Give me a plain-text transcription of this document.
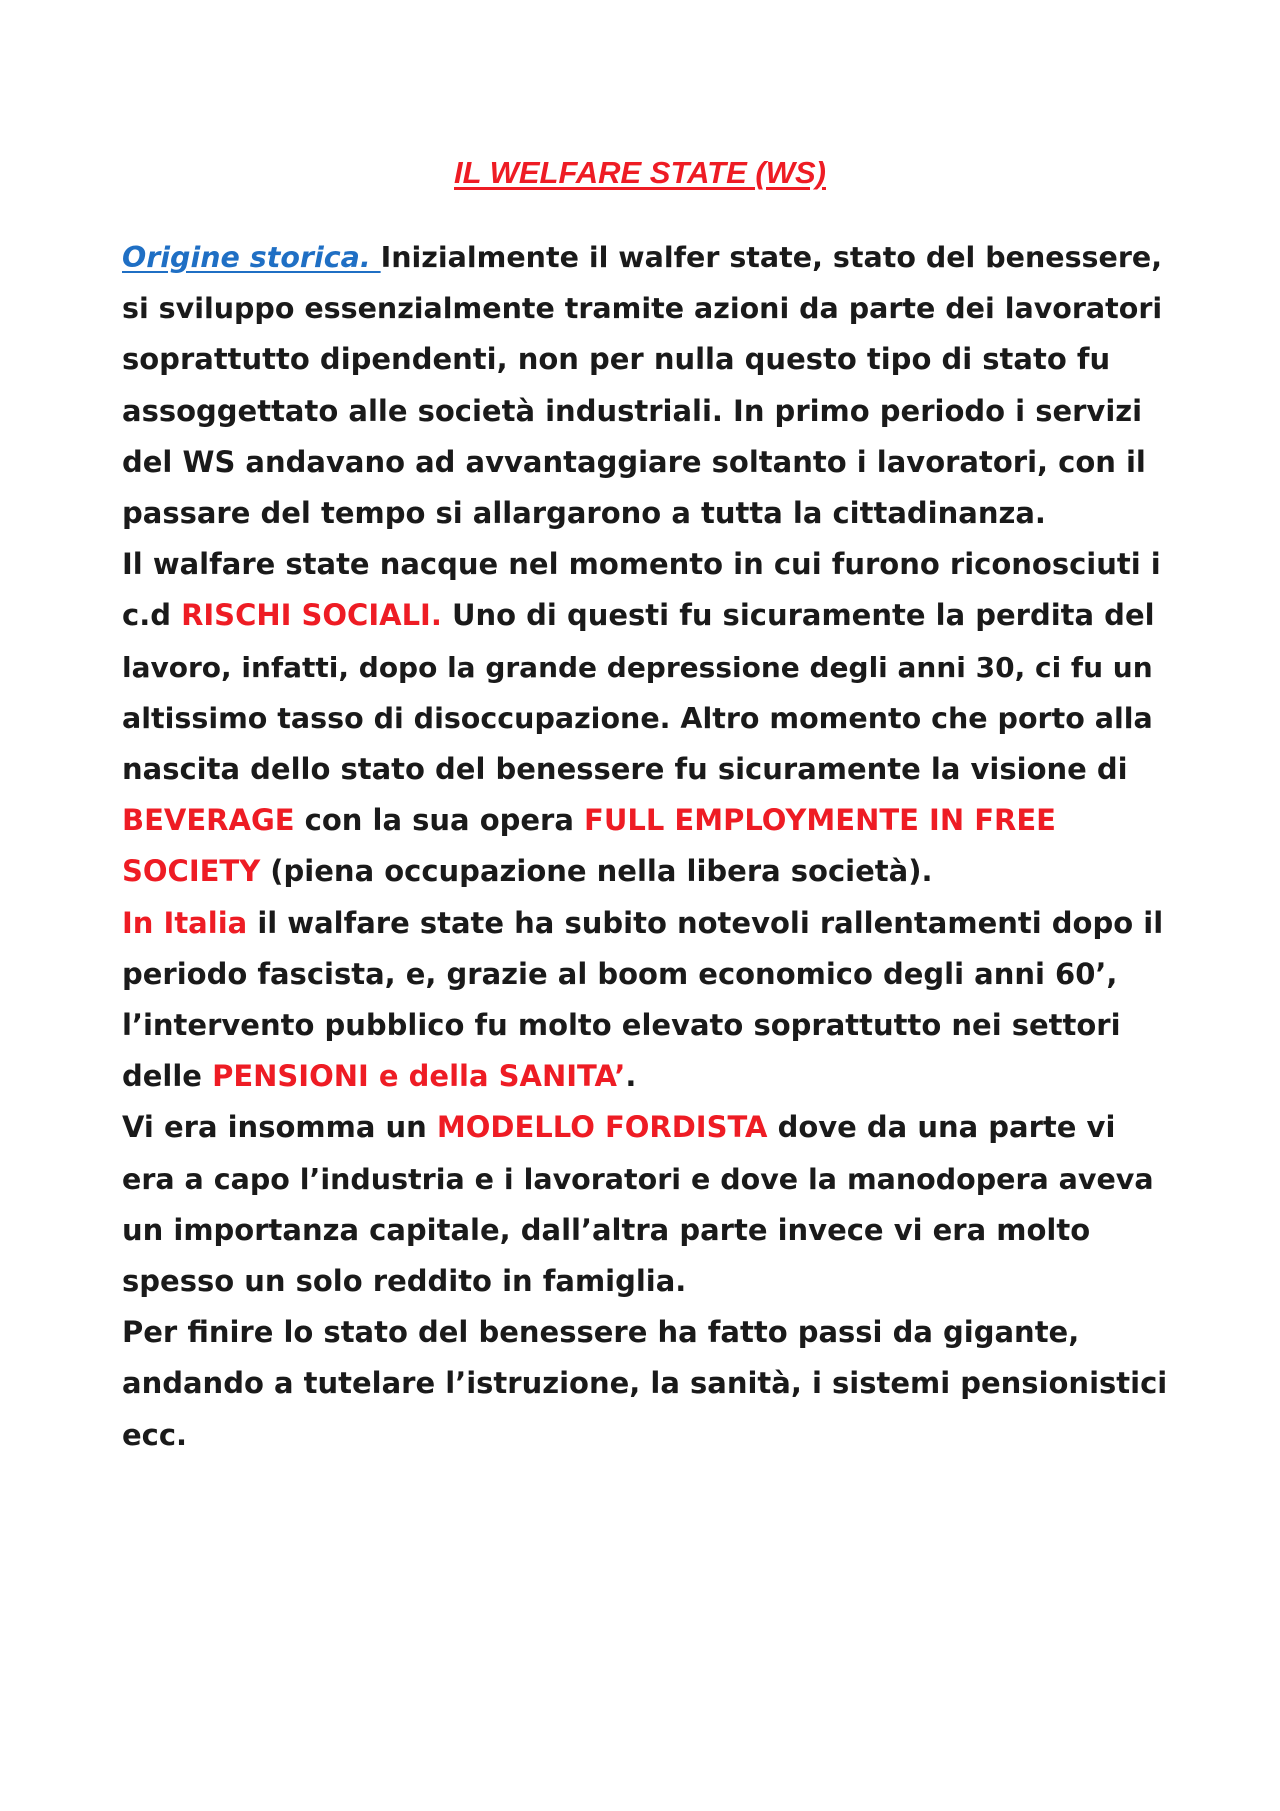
IL WELFARE STATE (WS)
Origine storica. Inizialmente il walfer state, stato del benessere,
si sviluppo essenzialmente tramite azioni da parte dei lavoratori
soprattutto dipendenti, non per nulla questo tipo di stato fu
assoggettato alle società industriali. In primo periodo i servizi
del WS andavano ad avvantaggiare soltanto i lavoratori, con il
passare del tempo si allargarono a tutta la cittadinanza.
Il walfare state nacque nel momento in cui furono riconosciuti i
c.d RISCHI SOCIALI. Uno di questi fu sicuramente la perdita del
lavoro, infatti, dopo la grande depressione degli anni 30, ci fu un
altissimo tasso di disoccupazione. Altro momento che porto alla
nascita dello stato del benessere fu sicuramente la visione di
BEVERAGE con la sua opera FULL EMPLOYMENTE IN FREE
SOCIETY (piena occupazione nella libera società).
In Italia il walfare state ha subito notevoli rallentamenti dopo il
periodo fascista, e, grazie al boom economico degli anni 60’,
l’intervento pubblico fu molto elevato soprattutto nei settori
delle PENSIONI e della SANITA’.
Vi era insomma un MODELLO FORDISTA dove da una parte vi
era a capo l’industria e i lavoratori e dove la manodopera aveva
un importanza capitale, dall’altra parte invece vi era molto
spesso un solo reddito in famiglia.
Per finire lo stato del benessere ha fatto passi da gigante,
andando a tutelare l’istruzione, la sanità, i sistemi pensionistici
ecc.
